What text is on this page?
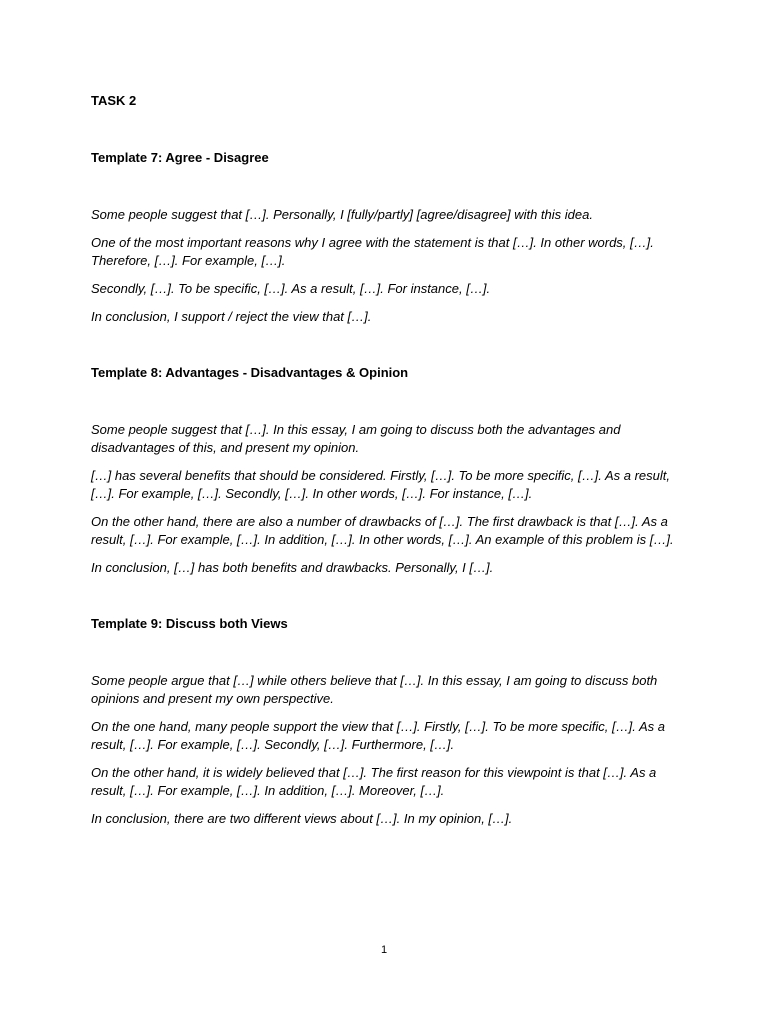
TASK 2

Template 7: Agree - Disagree

Some people suggest that […]. Personally, I [fully/partly] [agree/disagree] with this idea.

One of the most important reasons why I agree with the statement is that […]. In other words, […]. Therefore, […]. For example, […].

Secondly, […]. To be specific, […]. As a result, […]. For instance, […].

In conclusion, I support / reject the view that […].

Template 8: Advantages - Disadvantages & Opinion

Some people suggest that […]. In this essay, I am going to discuss both the advantages and disadvantages of this, and present my opinion.

[…] has several benefits that should be considered. Firstly, […]. To be more specific, […]. As a result, […]. For example, […]. Secondly, […]. In other words, […]. For instance, […].

On the other hand, there are also a number of drawbacks of […]. The first drawback is that […]. As a result, […]. For example, […]. In addition, […]. In other words, […]. An example of this problem is […].

In conclusion, […] has both benefits and drawbacks. Personally, I […].

Template 9: Discuss both Views

Some people argue that […] while others believe that […]. In this essay, I am going to discuss both opinions and present my own perspective.

On the one hand, many people support the view that […]. Firstly, […]. To be more specific, […]. As a result, […]. For example, […]. Secondly, […]. Furthermore, […].

On the other hand, it is widely believed that […]. The first reason for this viewpoint is that […]. As a result, […]. For example, […]. In addition, […]. Moreover, […].

In conclusion, there are two different views about […]. In my opinion, […].

1
